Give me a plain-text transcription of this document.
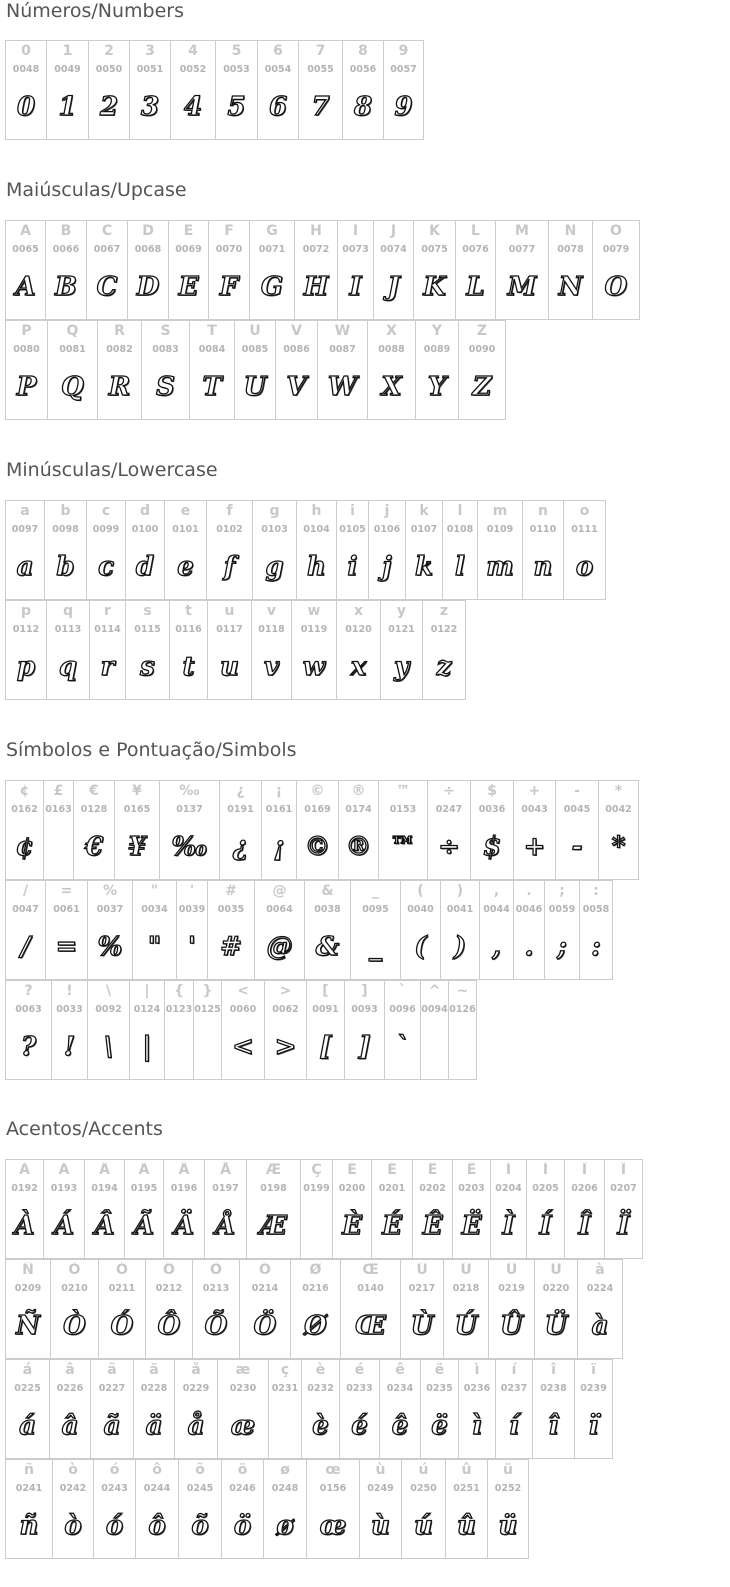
Números/Numbers
0
0048
0
1
0049
1
2
0050
2
3
0051
3
4
0052
4
5
0053
5
6
0054
6
7
0055
7
8
0056
8
9
0057
9
Maiúsculas/Upcase
A
0065
A
B
0066
B
C
0067
C
D
0068
D
E
0069
E
F
0070
F
G
0071
G
H
0072
H
I
0073
I
J
0074
J
K
0075
K
L
0076
L
M
0077
M
N
0078
N
O
0079
O
P
0080
P
Q
0081
Q
R
0082
R
S
0083
S
T
0084
T
U
0085
U
V
0086
V
W
0087
W
X
0088
X
Y
0089
Y
Z
0090
Z
Minúsculas/Lowercase
a
0097
a
b
0098
b
c
0099
c
d
0100
d
e
0101
e
f
0102
f
g
0103
g
h
0104
h
i
0105
i
j
0106
j
k
0107
k
l
0108
l
m
0109
m
n
0110
n
o
0111
o
p
0112
p
q
0113
q
r
0114
r
s
0115
s
t
0116
t
u
0117
u
v
0118
v
w
0119
w
x
0120
x
y
0121
y
z
0122
z
Símbolos e Pontuação/Simbols
¢
0162
¢
£
0163
€
0128
€
¥
0165
¥
‰
0137
‰
¿
0191
¿
¡
0161
¡
©
0169
©
®
0174
®
™
0153
™
÷
0247
÷
$
0036
$
+
0043
+
-
0045
-
*
0042
*
/
0047
/
=
0061
=
%
0037
%
"
0034
"
'
0039
'
#
0035
#
@
0064
@
&
0038
&
_
0095
_
(
0040
(
)
0041
)
,
0044
,
.
0046
.
;
0059
;
:
0058
:
?
0063
?
!
0033
!
\
0092
\
|
0124
|
{
0123
}
0125
<
0060
<
>
0062
>
[
0091
[
]
0093
]
`
0096
`
^
0094
~
0126
Acentos/Accents
À
0192
À
Á
0193
Á
Â
0194
Â
Ã
0195
Ã
Ä
0196
Ä
Å
0197
Å
Æ
0198
Æ
Ç
0199
È
0200
È
É
0201
É
Ê
0202
Ê
Ë
0203
Ë
Ì
0204
Ì
Í
0205
Í
Î
0206
Î
Ï
0207
Ï
Ñ
0209
Ñ
Ò
0210
Ò
Ó
0211
Ó
Ô
0212
Ô
Õ
0213
Õ
Ö
0214
Ö
Ø
0216
Ø
Œ
0140
Œ
Ù
0217
Ù
Ú
0218
Ú
Û
0219
Û
Ü
0220
Ü
à
0224
à
á
0225
á
â
0226
â
ã
0227
ã
ä
0228
ä
å
0229
å
æ
0230
æ
ç
0231
è
0232
è
é
0233
é
ê
0234
ê
ë
0235
ë
ì
0236
ì
í
0237
í
î
0238
î
ï
0239
ï
ñ
0241
ñ
ò
0242
ò
ó
0243
ó
ô
0244
ô
õ
0245
õ
ö
0246
ö
ø
0248
ø
œ
0156
œ
ù
0249
ù
ú
0250
ú
û
0251
û
ü
0252
ü
